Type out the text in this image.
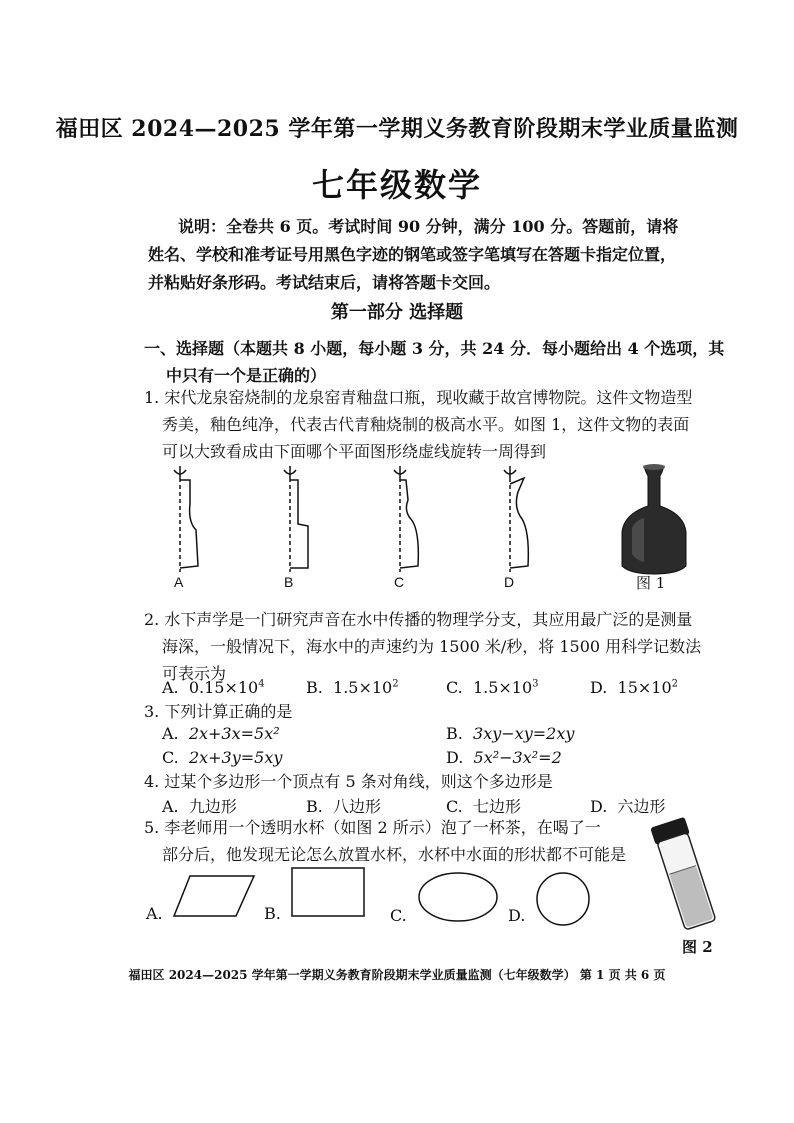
福田区 2024—2025 学年第一学期义务教育阶段期末学业质量监测
七年级数学
说明：全卷共 6 页。考试时间 90 分钟，满分 100 分。答题前，请将
姓名、学校和准考证号用黑色字迹的钢笔或签字笔填写在答题卡指定位置，
并粘贴好条形码。考试结束后，请将答题卡交回。
第一部分 选择题
一、选择题（本题共 8 小题，每小题 3 分，共 24 分．每小题给出 4 个选项，其
中只有一个是正确的）
1. 宋代龙泉窑烧制的龙泉窑青釉盘口瓶，现收藏于故宫博物院。这件文物造型
秀美，釉色纯净，代表古代青釉烧制的极高水平。如图 1，这件文物的表面
可以大致看成由下面哪个平面图形绕虚线旋转一周得到
A	B	C	D	图 1
2. 水下声学是一门研究声音在水中传播的物理学分支，其应用最广泛的是测量
海深，一般情况下，海水中的声速约为 1500 米/秒，将 1500 用科学记数法
可表示为
A. $0.15\times 10^4$	B. $1.5\times 10^2$	C. $1.5\times 10^3$	D. $15\times 10^2$
3. 下列计算正确的是
A. 2x+3x=5x²	B. 3xy−xy=2xy
C. 2x+3y=5xy	D. 5x²−3x²=2
4. 过某个多边形一个顶点有 5 条对角线，则这个多边形是
A. 九边形	B. 八边形	C. 七边形	D. 六边形
5. 李老师用一个透明水杯（如图 2 所示）泡了一杯茶，在喝了一
部分后，他发现无论怎么放置水杯，水杯中水面的形状都不可能是
A.	B.	C.	D.
图 2
福田区 2024—2025 学年第一学期义务教育阶段期末学业质量监测（七年级数学） 第 1 页 共 6 页
